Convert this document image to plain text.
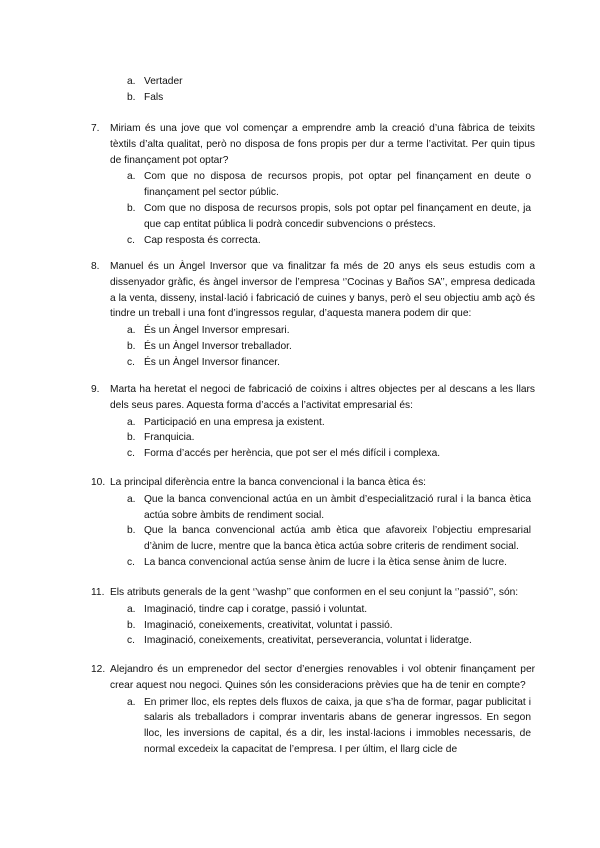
a. Vertader
b. Fals
7.	Miriam és una jove que vol començar a emprendre amb la creació d’una fàbrica de teixits tèxtils d’alta qualitat, però no disposa de fons propis per dur a terme l’activitat. Per quin tipus de finançament pot optar?
a. Com que no disposa de recursos propis, pot optar pel finançament en deute o finançament pel sector públic.
b. Com que no disposa de recursos propis, sols pot optar pel finançament en deute, ja que cap entitat pública li podrà concedir subvencions o préstecs.
c. Cap resposta és correcta.
8.	Manuel és un Àngel Inversor que va finalitzar fa més de 20 anys els seus estudis com a dissenyador gràfic, és àngel inversor de l’empresa ‘’Cocinas y Baños SA’’, empresa dedicada a la venta, disseny, instal·lació i fabricació de cuines y banys, però el seu objectiu amb açò és tindre un treball i una font d’ingressos regular, d’aquesta manera podem dir que:
a. És un Àngel Inversor empresari.
b. És un Àngel Inversor treballador.
c. És un Àngel Inversor financer.
9.	Marta ha heretat el negoci de fabricació de coixins i altres objectes per al descans a les llars dels seus pares. Aquesta forma d’accés a l’activitat empresarial és:
a. Participació en una empresa ja existent.
b. Franquicia.
c. Forma d’accés per herència, que pot ser el més difícil i complexa.
10. La principal diferència entre la banca convencional i la banca ètica és:
a. Que la banca convencional actúa en un àmbit d’especialització rural i la banca ètica actúa sobre àmbits de rendiment social.
b. Que la banca convencional actúa amb ètica que afavoreix l’objectiu empresarial d’ànim de lucre, mentre que la banca ètica actúa sobre criteris de rendiment social.
c. La banca convencional actúa sense ànim de lucre i la ètica sense ànim de lucre.
11. Els atributs generals de la gent ‘’washp’’ que conformen en el seu conjunt la ‘’passió’’, són:
a. Imaginació, tindre cap i coratge, passió i voluntat.
b. Imaginació, coneixements, creativitat, voluntat i passió.
c. Imaginació, coneixements, creativitat, perseverancia, voluntat i lideratge.
12. Alejandro és un emprenedor del sector d’energies renovables i vol obtenir finançament per crear aquest nou negoci. Quines són les consideracions prèvies que ha de tenir en compte?
a. En primer lloc, els reptes dels fluxos de caixa, ja que s’ha de formar, pagar publicitat i salaris als treballadors i comprar inventaris abans de generar ingressos. En segon lloc, les inversions de capital, és a dir, les instal·lacions i immobles necessaris, de normal excedeix la capacitat de l’empresa. I per últim, el llarg cicle de
